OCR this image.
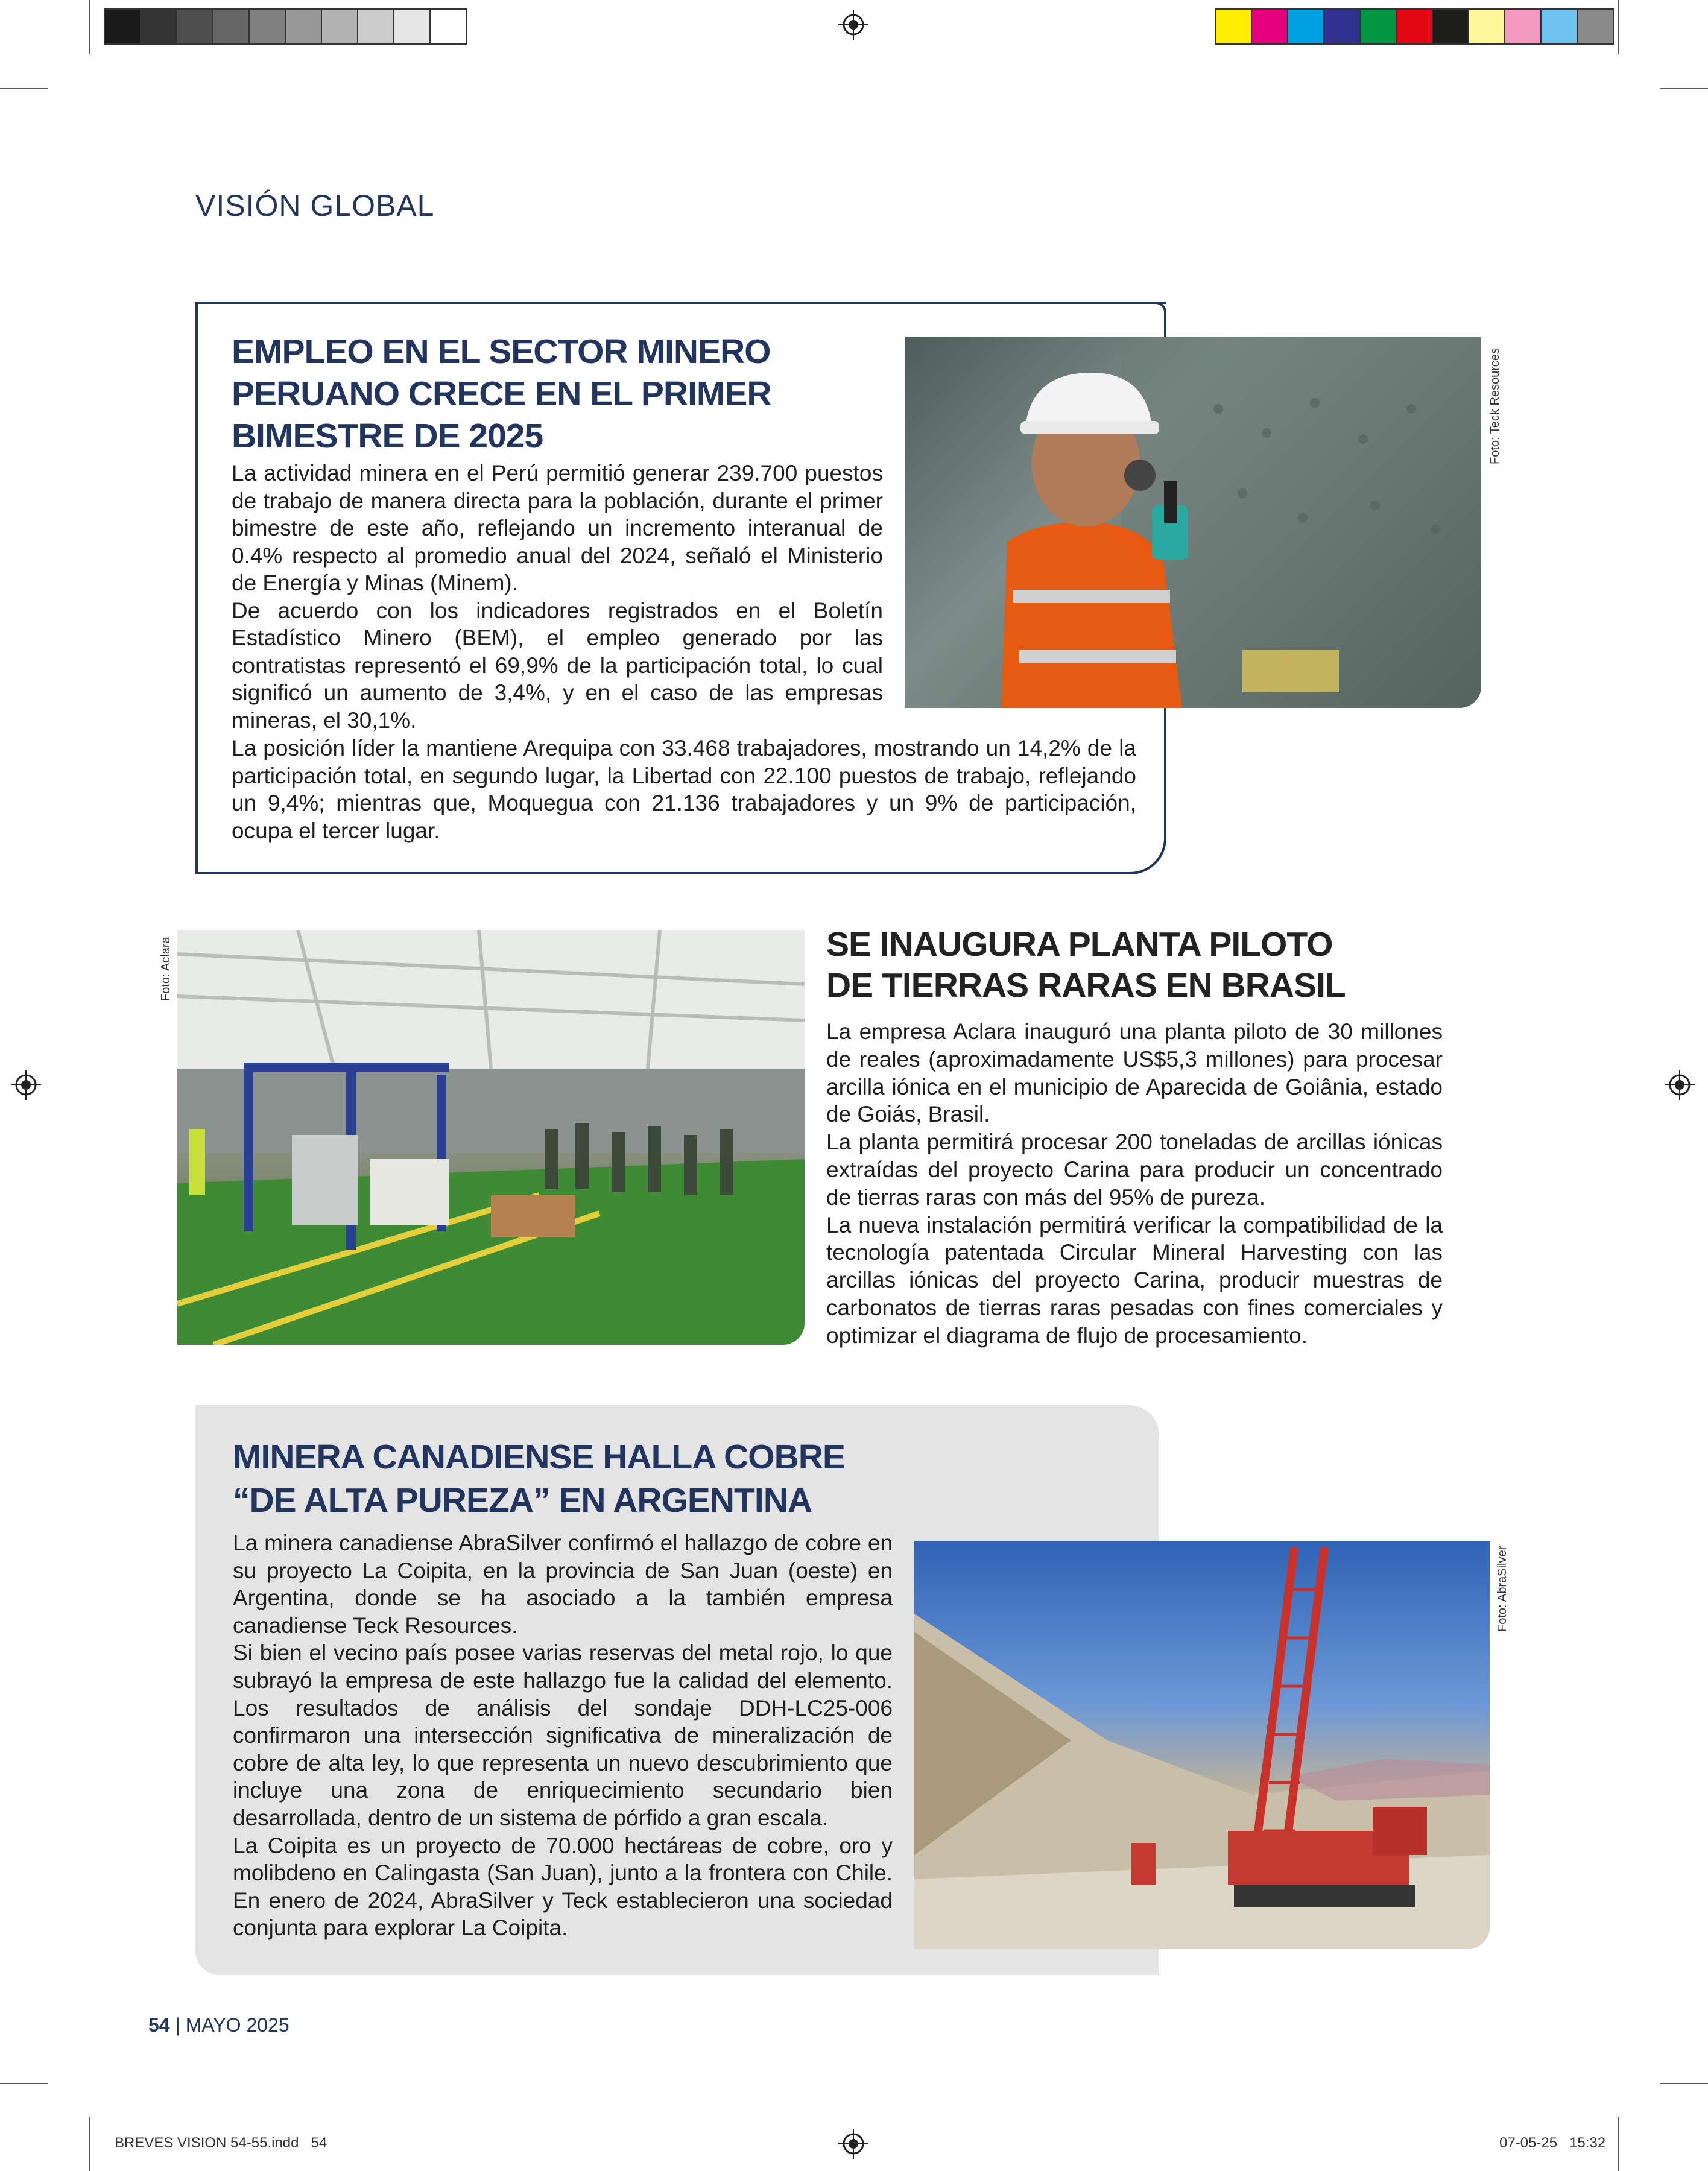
VISIÓN GLOBAL
EMPLEO EN EL SECTOR MINERO
PERUANO CRECE EN EL PRIMER
BIMESTRE DE 2025
La actividad minera en el Perú permitió generar 239.700 puestos de trabajo de manera directa para la población, durante el primer bimestre de este año, reflejando un incremento interanual de 0.4% respecto al promedio anual del 2024, señaló el Ministerio de Energía y Minas (Minem).
De acuerdo con los indicadores registrados en el Boletín Estadístico Minero (BEM), el empleo generado por las contratistas representó el 69,9% de la participación total, lo cual significó un aumento de 3,4%, y en el caso de las empresas mineras, el 30,1%.
La posición líder la mantiene Arequipa con 33.468 trabajadores, mostrando un 14,2% de la participación total, en segundo lugar, la Libertad con 22.100 puestos de trabajo, reflejando un 9,4%; mientras que, Moquegua con 21.136 trabajadores y un 9% de participación, ocupa el tercer lugar.
Foto: Teck Resources
Foto: Aclara	SE INAUGURA PLANTA PILOTO
DE TIERRAS RARAS EN BRASIL
La empresa Aclara inauguró una planta piloto de 30 millones de reales (aproximadamente US$5,3 millones) para procesar arcilla iónica en el municipio de Aparecida de Goiânia, estado de Goiás, Brasil.
La planta permitirá procesar 200 toneladas de arcillas iónicas extraídas del proyecto Carina para producir un concentrado de tierras raras con más del 95% de pureza.
La nueva instalación permitirá verificar la compatibilidad de la tecnología patentada Circular Mineral Harvesting con las arcillas iónicas del proyecto Carina, producir muestras de carbonatos de tierras raras pesadas con fines comerciales y optimizar el diagrama de flujo de procesamiento.
MINERA CANADIENSE HALLA COBRE
“DE ALTA PUREZA” EN ARGENTINA
La minera canadiense AbraSilver confirmó el hallazgo de cobre en su proyecto La Coipita, en la provincia de San Juan (oeste) en Argentina, donde se ha asociado a la también empresa canadiense Teck Resources.
Si bien el vecino país posee varias reservas del metal rojo, lo que subrayó la empresa de este hallazgo fue la calidad del elemento. Los resultados de análisis del sondaje DDH-LC25-006 confirmaron una intersección significativa de mineralización de cobre de alta ley, lo que representa un nuevo descubrimiento que incluye una zona de enriquecimiento secundario bien desarrollada, dentro de un sistema de pórfido a gran escala.
La Coipita es un proyecto de 70.000 hectáreas de cobre, oro y molibdeno en Calingasta (San Juan), junto a la frontera con Chile. En enero de 2024, AbraSilver y Teck establecieron una sociedad conjunta para explorar La Coipita.
Foto: AbraSilver
54 | MAYO 2025
BREVES VISION 54-55.indd   54	07-05-25   15:32
